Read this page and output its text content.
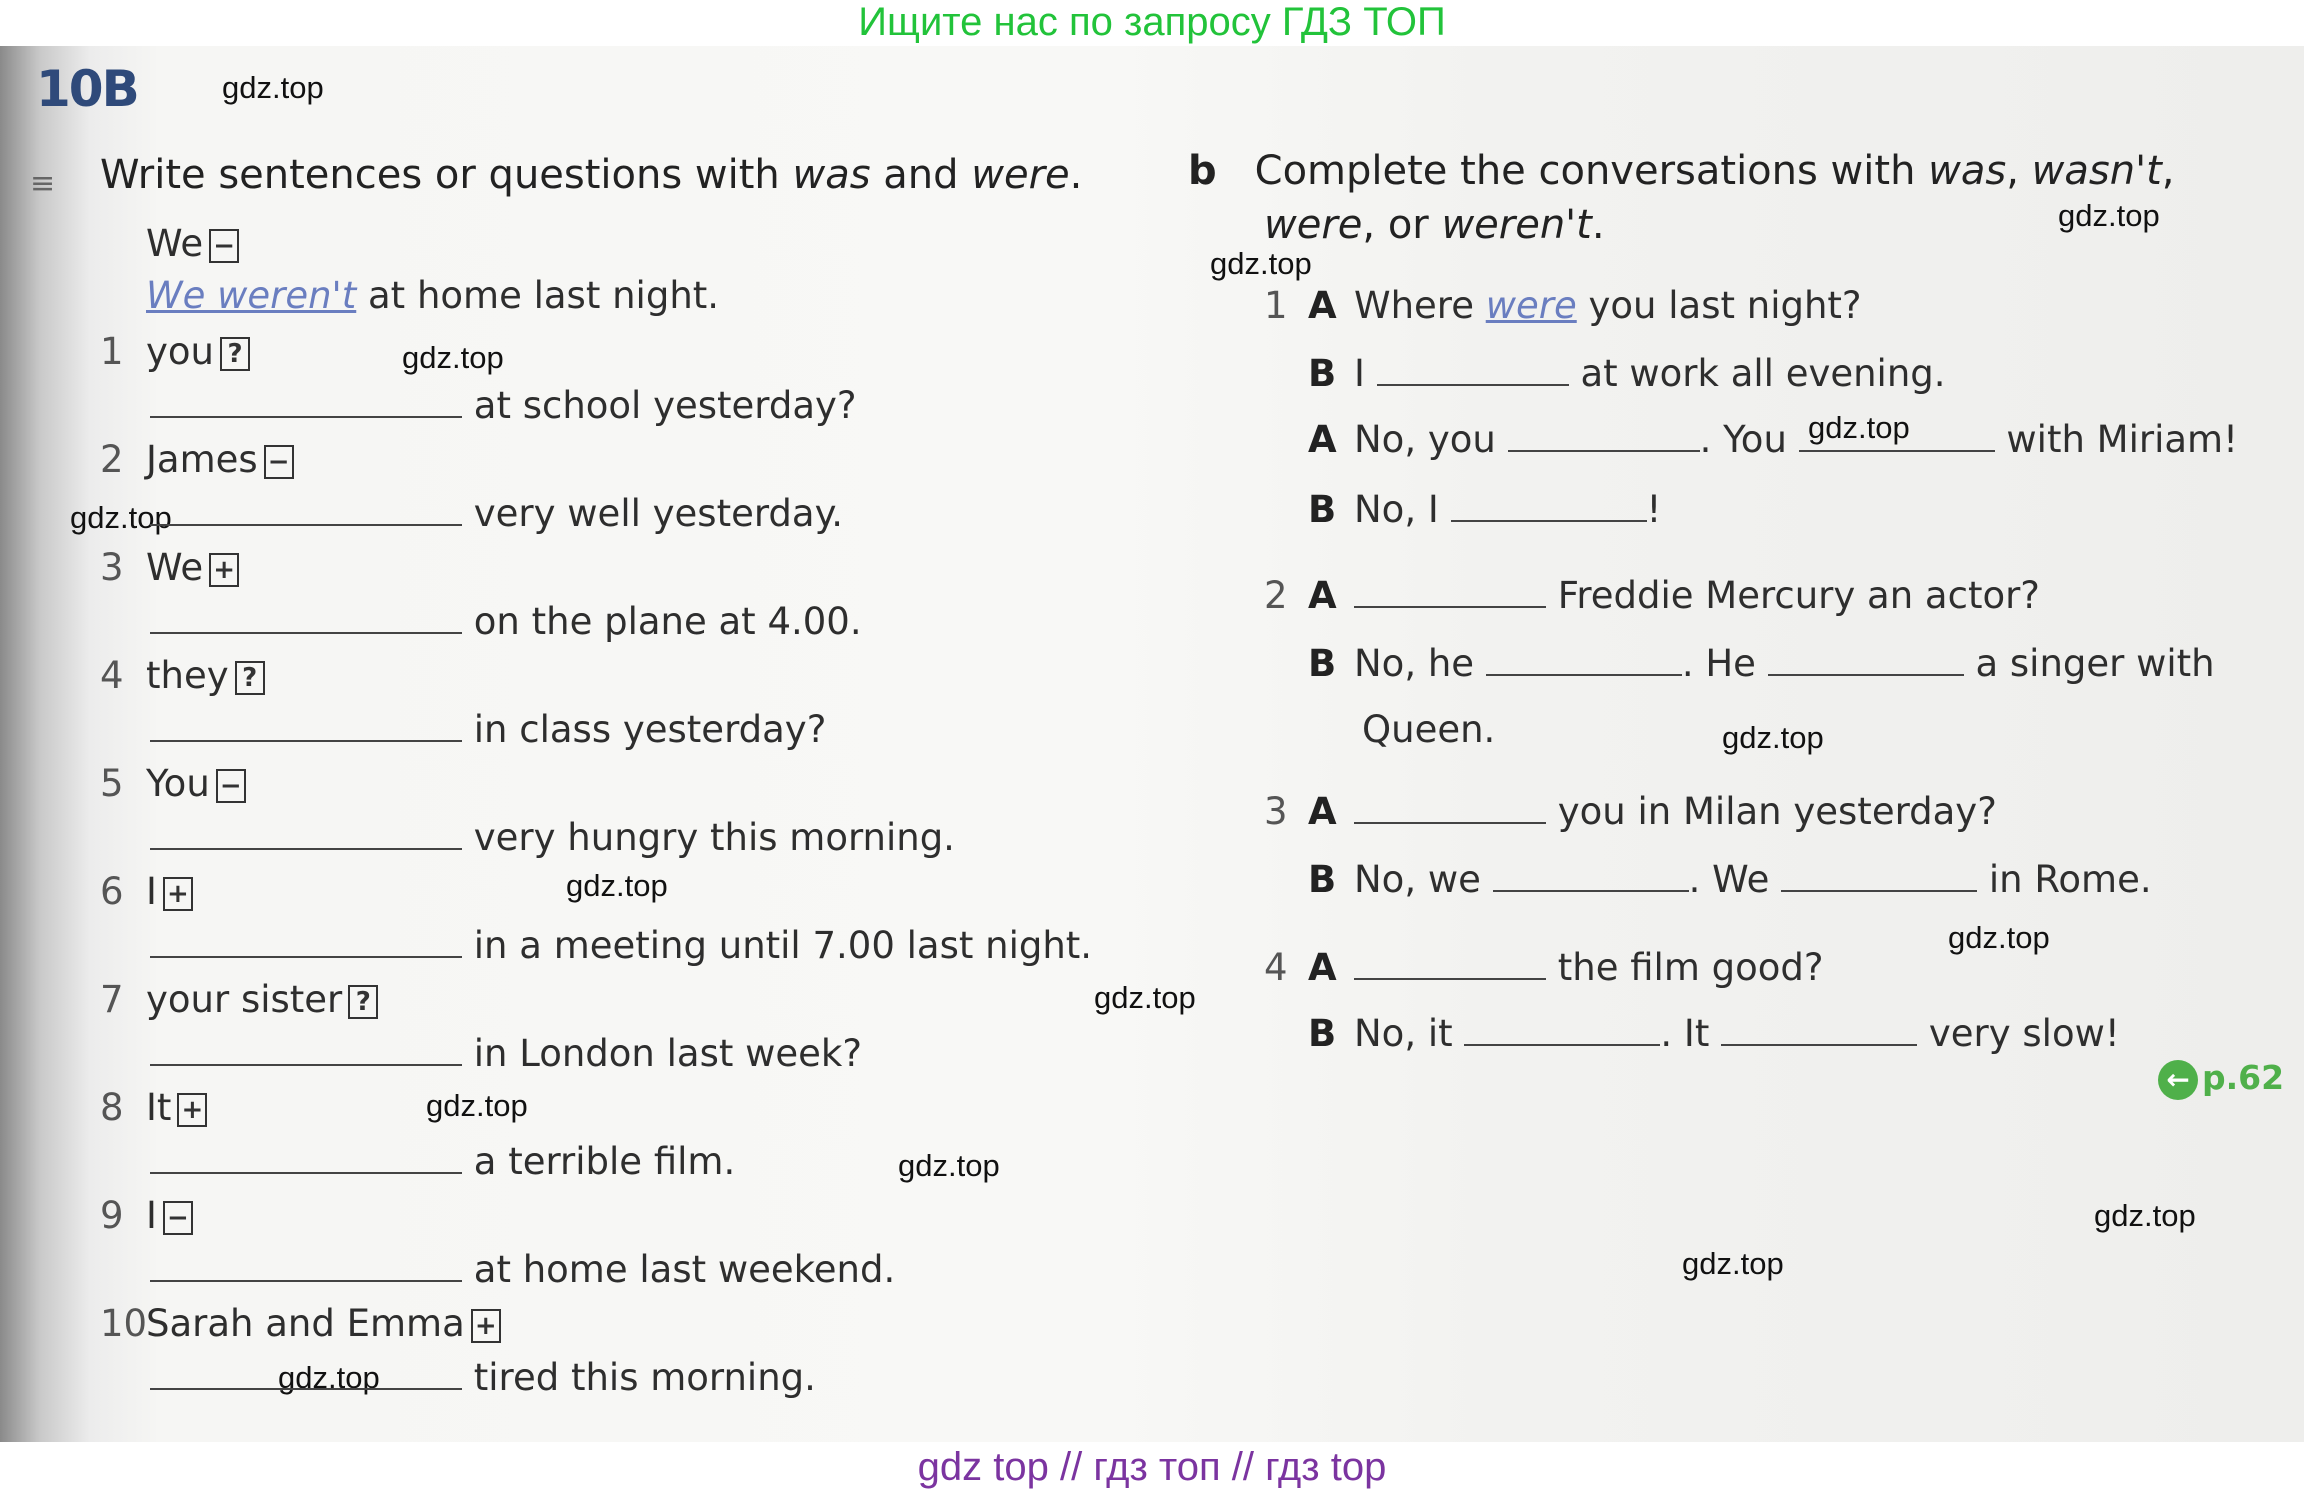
Ищите нас по запросу ГДЗ ТОП
10B
≡ Write sentences or questions with was and were.
We −
We weren't at home last night.
b Complete the conversations with was, wasn't,
were, or weren't.
1 A Where were you last night?
B I	at work all evening.
A No, you	. You	with Miriam!
B No, I	!
2 A	Freddie Mercury an actor?
B No, he	. He	a singer with
Queen.
3 A	you in Milan yesterday?
B No, we	. We	in Rome.
4 A	the film good?
B No, it	. It	very slow!
← p.62
gdz.top
gdz.top
gdz.top
gdz.top
gdz.top
gdz.top
gdz.top
gdz.top
gdz.top
gdz.top
gdz.top
gdz.top
gdz.top
gdz.top
gdz.top
1 you ?
at school yesterday?
2 James −
very well yesterday.
3 We +
on the plane at 4.00.
4 they ?
in class yesterday?
5 You −
very hungry this morning.
6 I +
in a meeting until 7.00 last night.
7 your sister ?
in London last week?
8 It +
a terrible film.
9 I −
at home last weekend.
10Sarah and Emma +
tired this morning.
gdz top // гдз топ // гдз top
